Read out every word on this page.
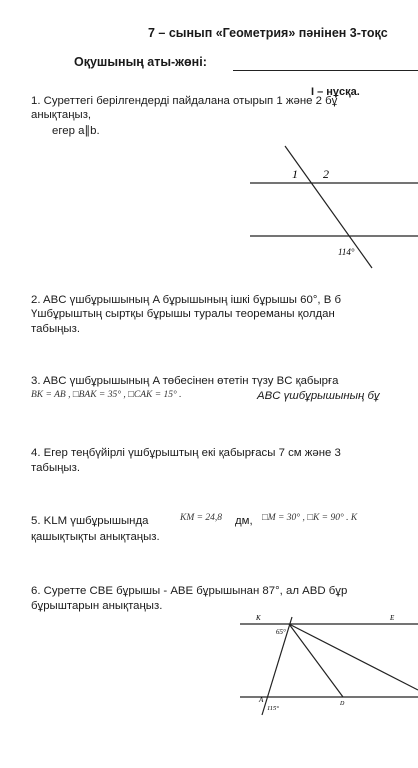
7 – сынып «Геометрия» пәнінен 3-тоқс
Оқушының аты-жөні:
І – нұсқа.
1. Суреттегі берілгендерді пайдалана отырып 1 және 2 бұ
анықтаңыз,
егер a∥b.
1 2
114°
2. ABC үшбұрышының A бұрышының ішкі бұрышы 60°, B б
Үшбұрыштың сыртқы бұрышы туралы теореманы қолдан
табыңыз.
3. ABC үшбұрышының A төбесінен өтетін түзу BC қабырға
BK = AB , □BAK = 35° , □CAK = 15° .	ABC үшбұрышының бұ
4. Егер теңбүйірлі үшбұрыштың екі қабырғасы 7 см және 3
табыңыз.
5. KLM үшбұрышында	KM = 24,8 дм, □M = 30° , □K = 90° . K
қашықтықты анықтаңыз.
6. Суретте CBE бұрышы - ABE бұрышынан 87°, ал ABD бұр
бұрыштарын анықтаңыз.
K	E
65°
A	D
115°
